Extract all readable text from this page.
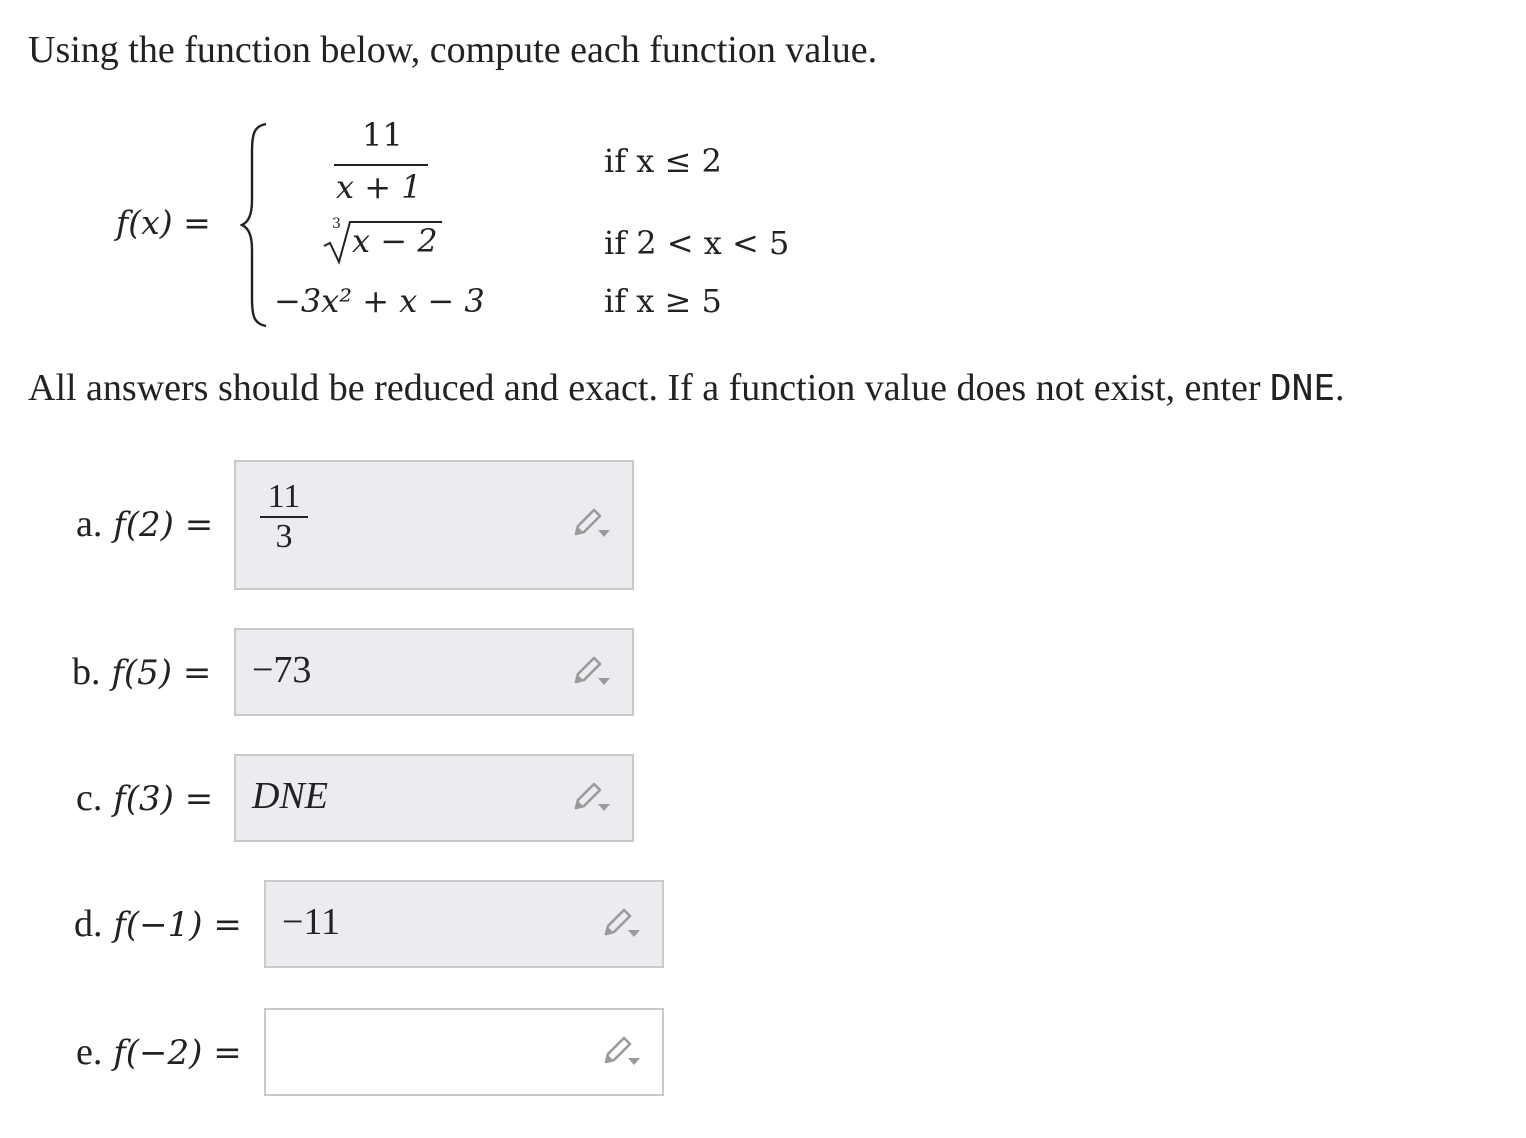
Using the function below, compute each function value.

f(x) =
11
x + 1
if x ≤ 2
3 x − 2	if 2 < x < 5
−3x² + x − 3	if x ≥ 5

All answers should be reduced and exact. If a function value does not exist, enter DNE.

a. f(2) =
11
3
b. f(5) = −73
c. f(3) = DNE
d. f(−1) = −11
e. f(−2) =
